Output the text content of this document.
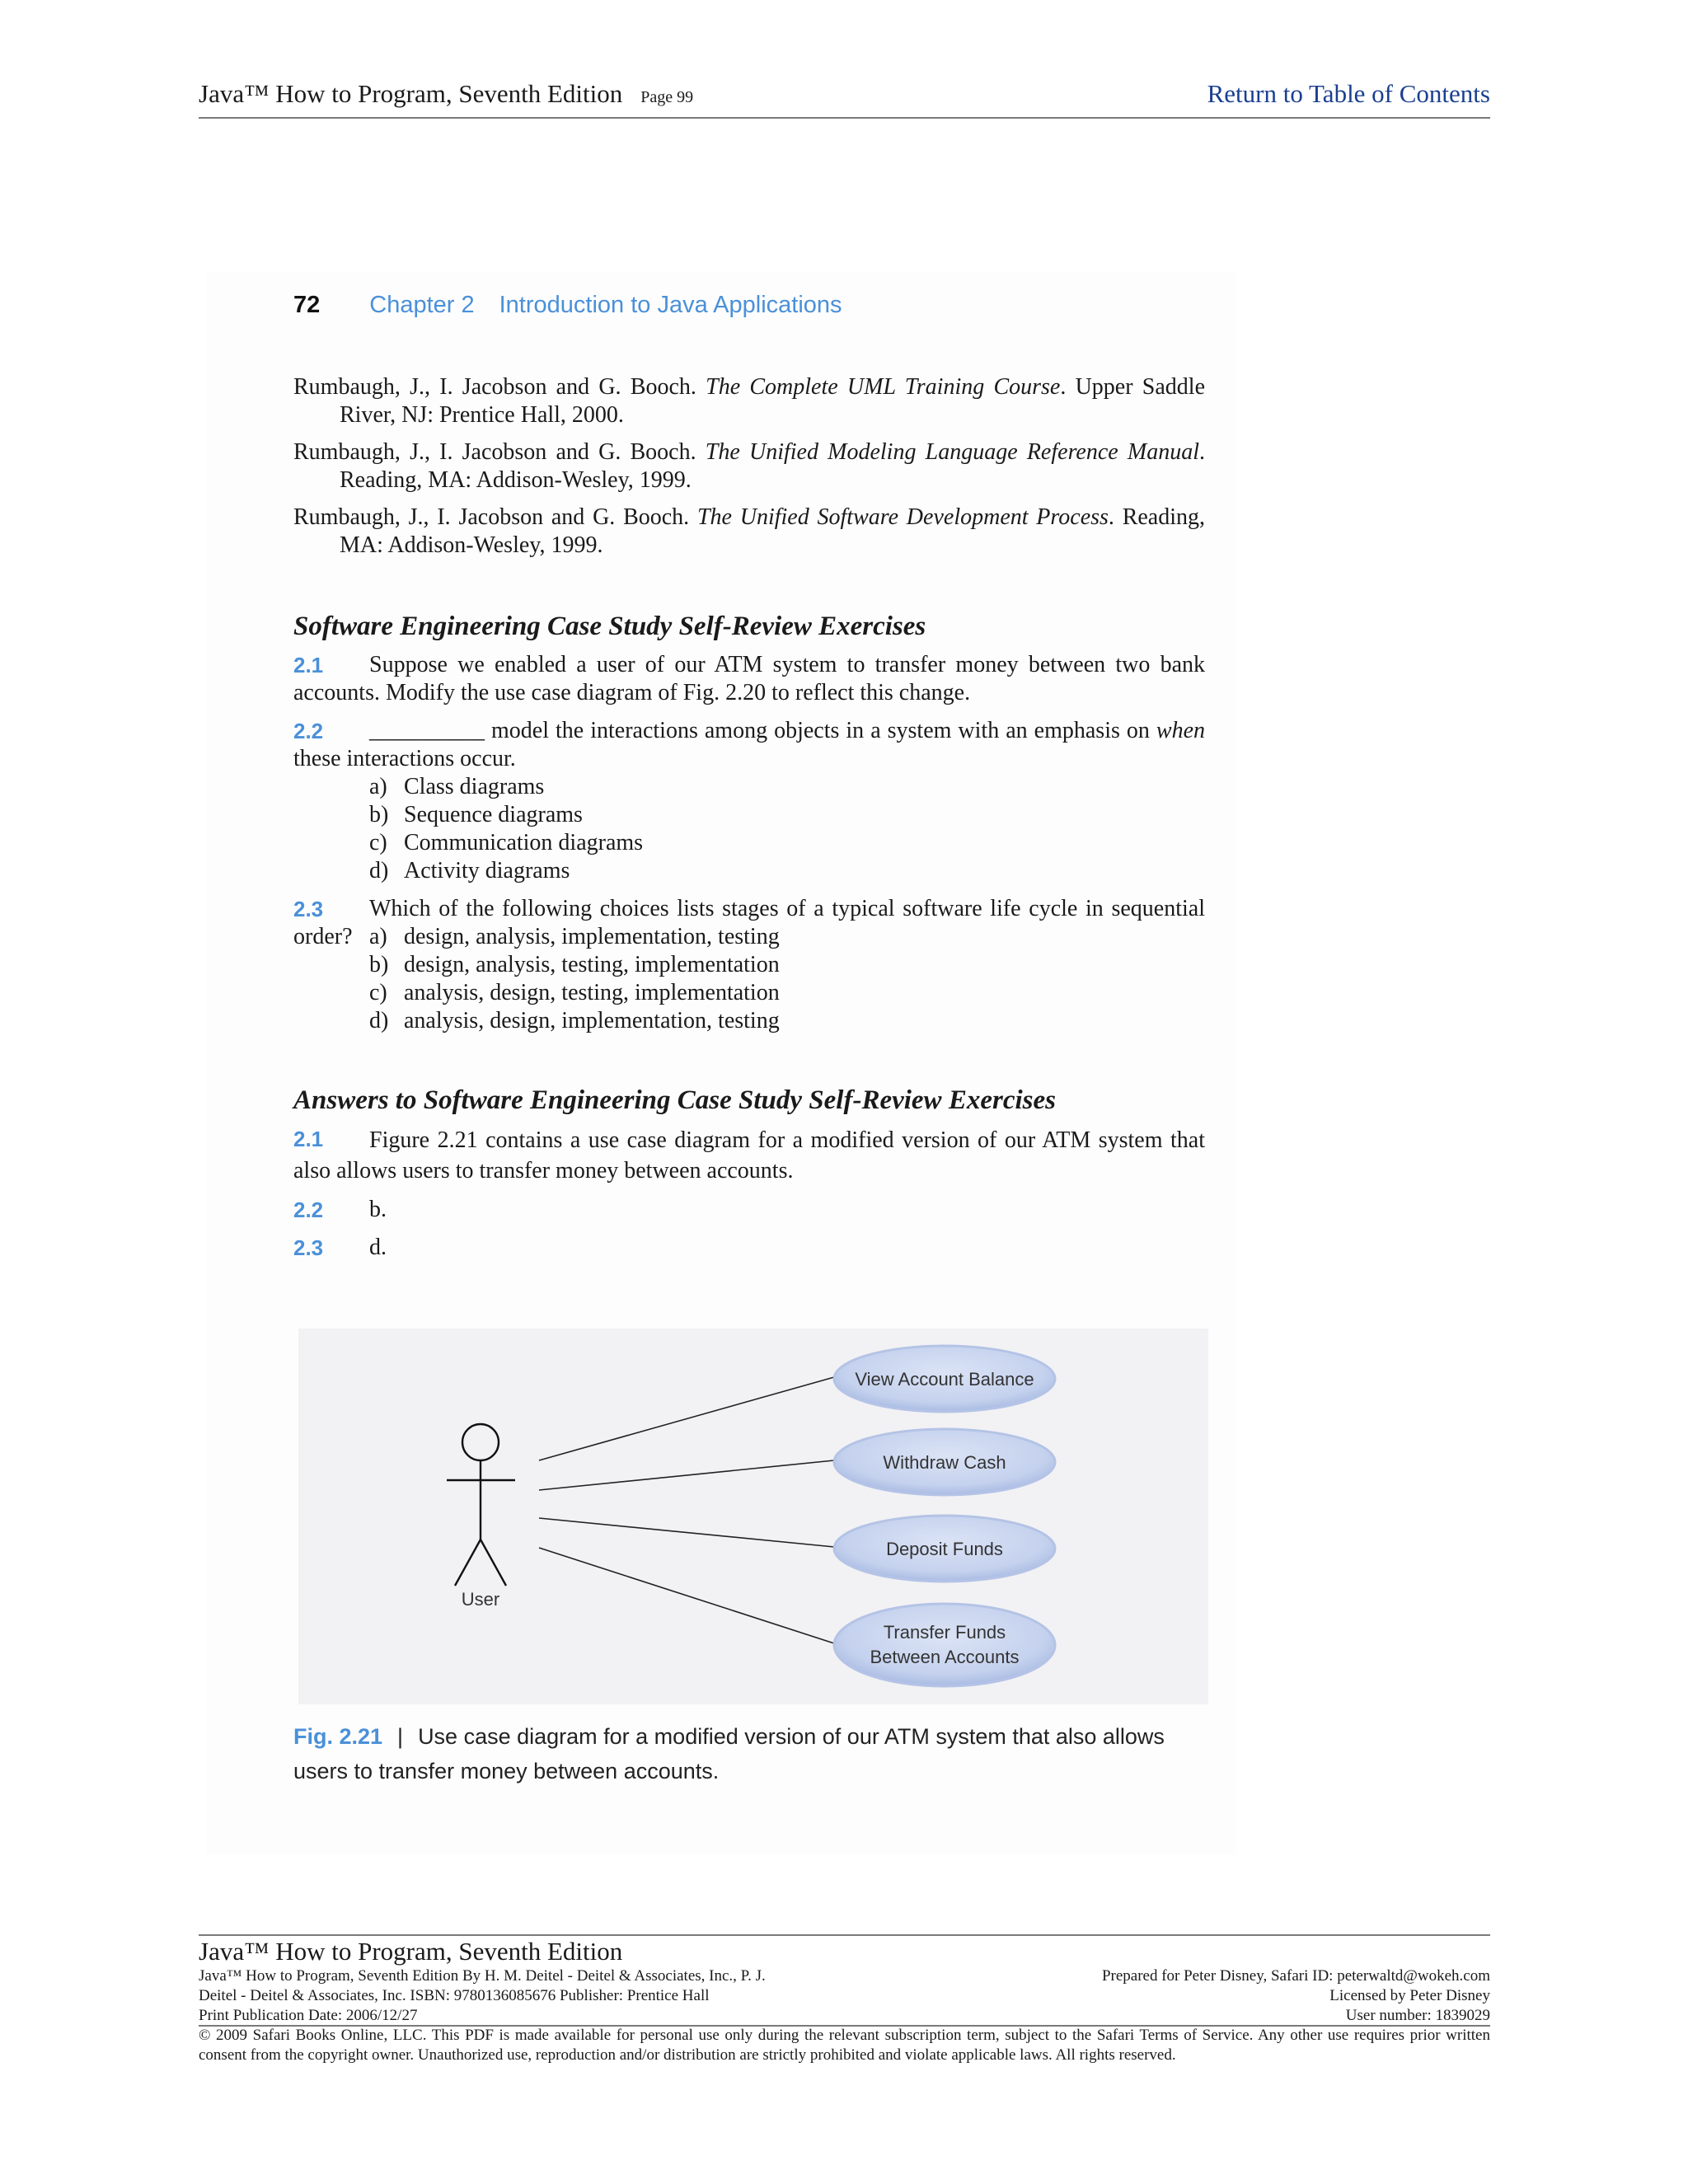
Java™ How to Program, Seventh Edition Page 99	Return to Table of Contents
72 Chapter 2 Introduction to Java Applications
Rumbaugh, J., I. Jacobson and G. Booch. The Complete UML Training Course. Upper Saddle River, NJ: Prentice Hall, 2000.
Rumbaugh, J., I. Jacobson and G. Booch. The Unified Modeling Language Reference Manual. Reading, MA: Addison-Wesley, 1999.
Rumbaugh, J., I. Jacobson and G. Booch. The Unified Software Development Process. Reading, MA: Addison-Wesley, 1999.
Software Engineering Case Study Self-Review Exercises
2.1	Suppose we enabled a user of our ATM system to transfer money between two bank accounts. Modify the use case diagram of Fig. 2.20 to reflect this change.
2.2	__________ model the interactions among objects in a system with an emphasis on when these interactions occur.
a) Class diagrams
b) Sequence diagrams
c) Communication diagrams
d) Activity diagrams
2.3	Which of the following choices lists stages of a typical software life cycle in sequential order? a) design, analysis, implementation, testing
b) design, analysis, testing, implementation
c) analysis, design, testing, implementation
d) analysis, design, implementation, testing
Answers to Software Engineering Case Study Self-Review Exercises
2.1	Figure 2.21 contains a use case diagram for a modified version of our ATM system that also allows users to transfer money between accounts.
2.2	b.
2.3	d.
User
View Account Balance
Withdraw Cash
Deposit Funds
Transfer Funds
Between Accounts
Fig. 2.21 | Use case diagram for a modified version of our ATM system that also allows users to transfer money between accounts.
Java™ How to Program, Seventh Edition
Java™ How to Program, Seventh Edition By H. M. Deitel - Deitel & Associates, Inc., P. J.
Deitel - Deitel & Associates, Inc. ISBN: 9780136085676 Publisher: Prentice Hall
Print Publication Date: 2006/12/27
Prepared for Peter Disney, Safari ID: peterwaltd@wokeh.com
Licensed by Peter Disney
User number: 1839029
© 2009 Safari Books Online, LLC. This PDF is made available for personal use only during the relevant subscription term, subject to the Safari Terms of Service. Any other use requires prior written consent from the copyright owner. Unauthorized use, reproduction and/or distribution are strictly prohibited and violate applicable laws. All rights reserved.
